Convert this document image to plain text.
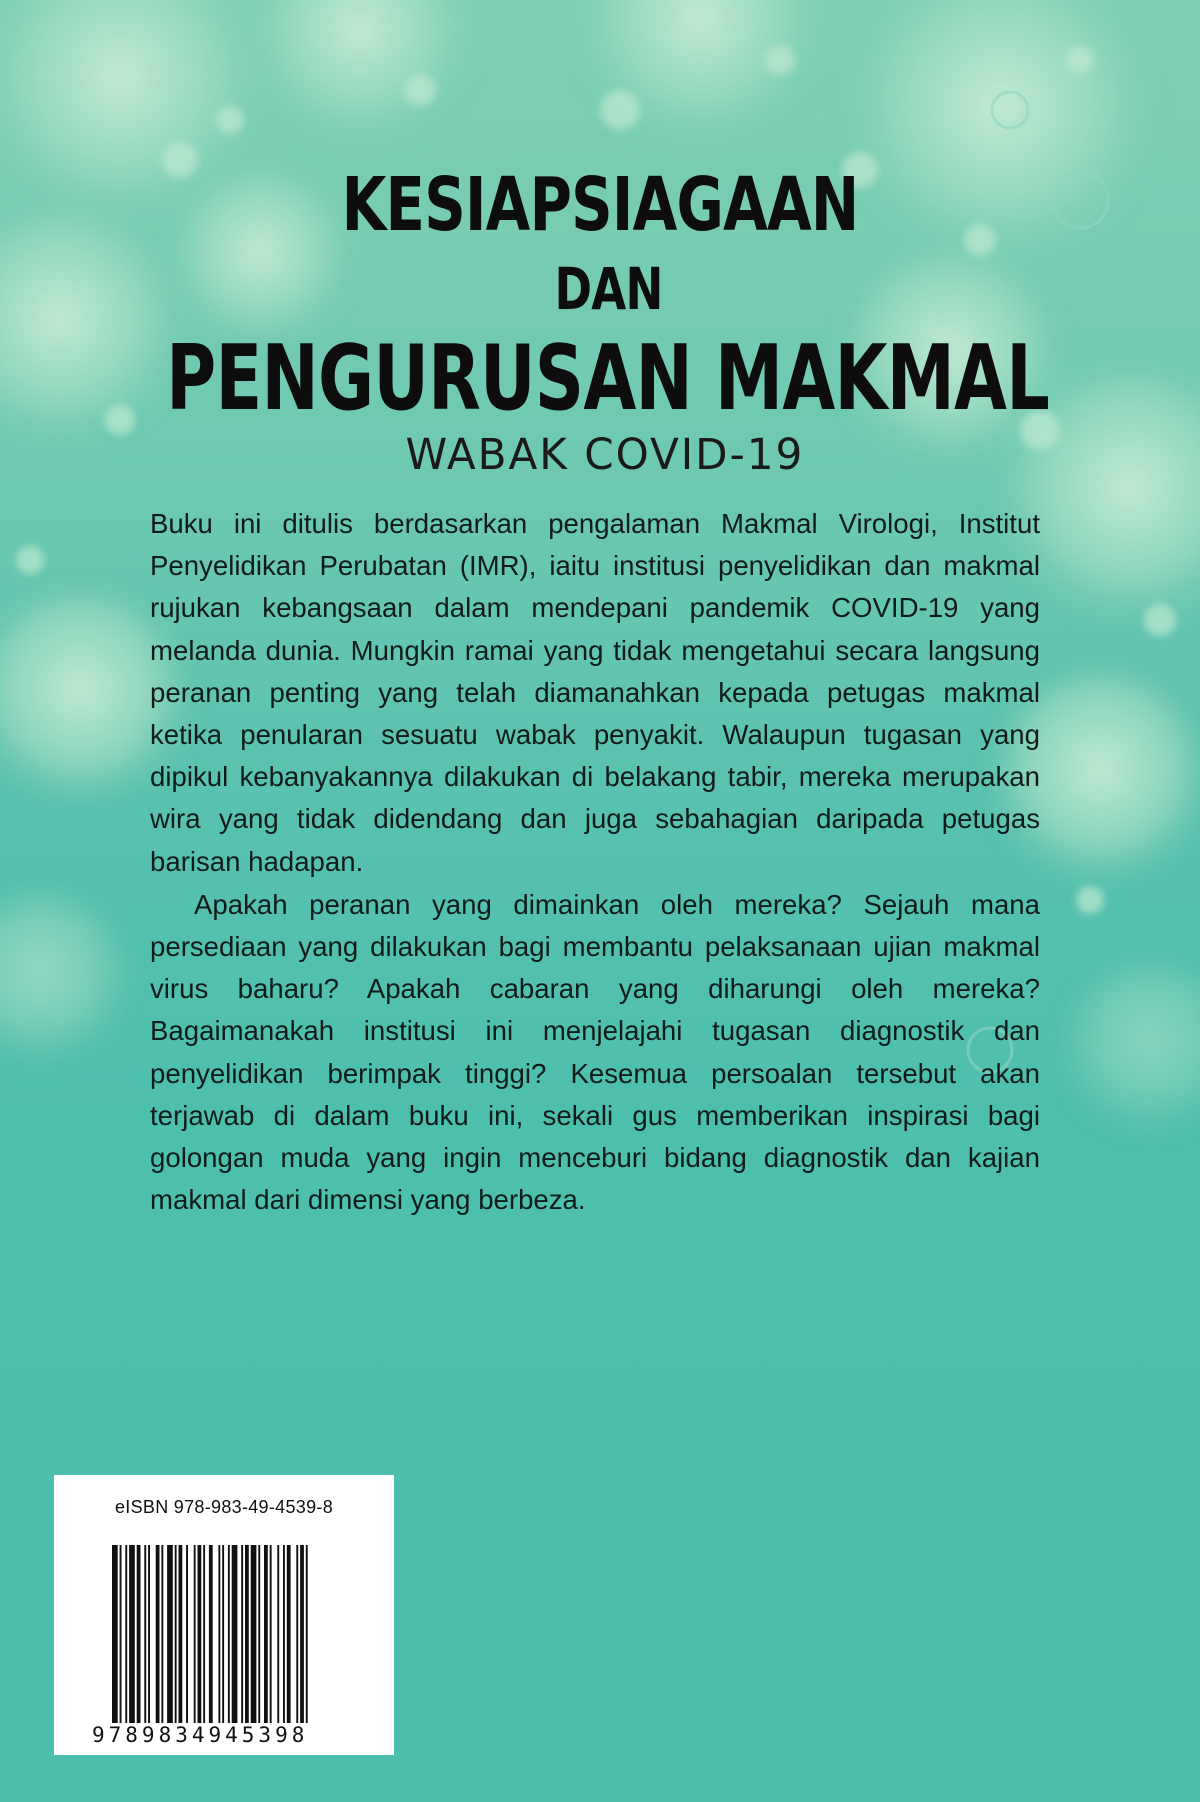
KESIAPSIAGAAN
DAN
PENGURUSAN MAKMAL
WABAK COVID-19

Buku ini ditulis berdasarkan pengalaman Makmal Virologi, Institut Penyelidikan Perubatan (IMR), iaitu institusi penyelidikan dan makmal rujukan kebangsaan dalam mendepani pandemik COVID-19 yang melanda dunia. Mungkin ramai yang tidak mengetahui secara langsung peranan penting yang telah diamanahkan kepada petugas makmal ketika penularan sesuatu wabak penyakit. Walaupun tugasan yang dipikul kebanyakannya dilakukan di belakang tabir, mereka merupakan wira yang tidak didendang dan juga sebahagian daripada petugas barisan hadapan.

Apakah peranan yang dimainkan oleh mereka? Sejauh mana persediaan yang dilakukan bagi membantu pelaksanaan ujian makmal virus baharu? Apakah cabaran yang diharungi oleh mereka? Bagaimanakah institusi ini menjelajahi tugasan diagnostik dan penyelidikan berimpak tinggi? Kesemua persoalan tersebut akan terjawab di dalam buku ini, sekali gus memberikan inspirasi bagi golongan muda yang ingin menceburi bidang diagnostik dan kajian makmal dari dimensi yang berbeza.

eISBN 978-983-49-4539-8
9789834945398
